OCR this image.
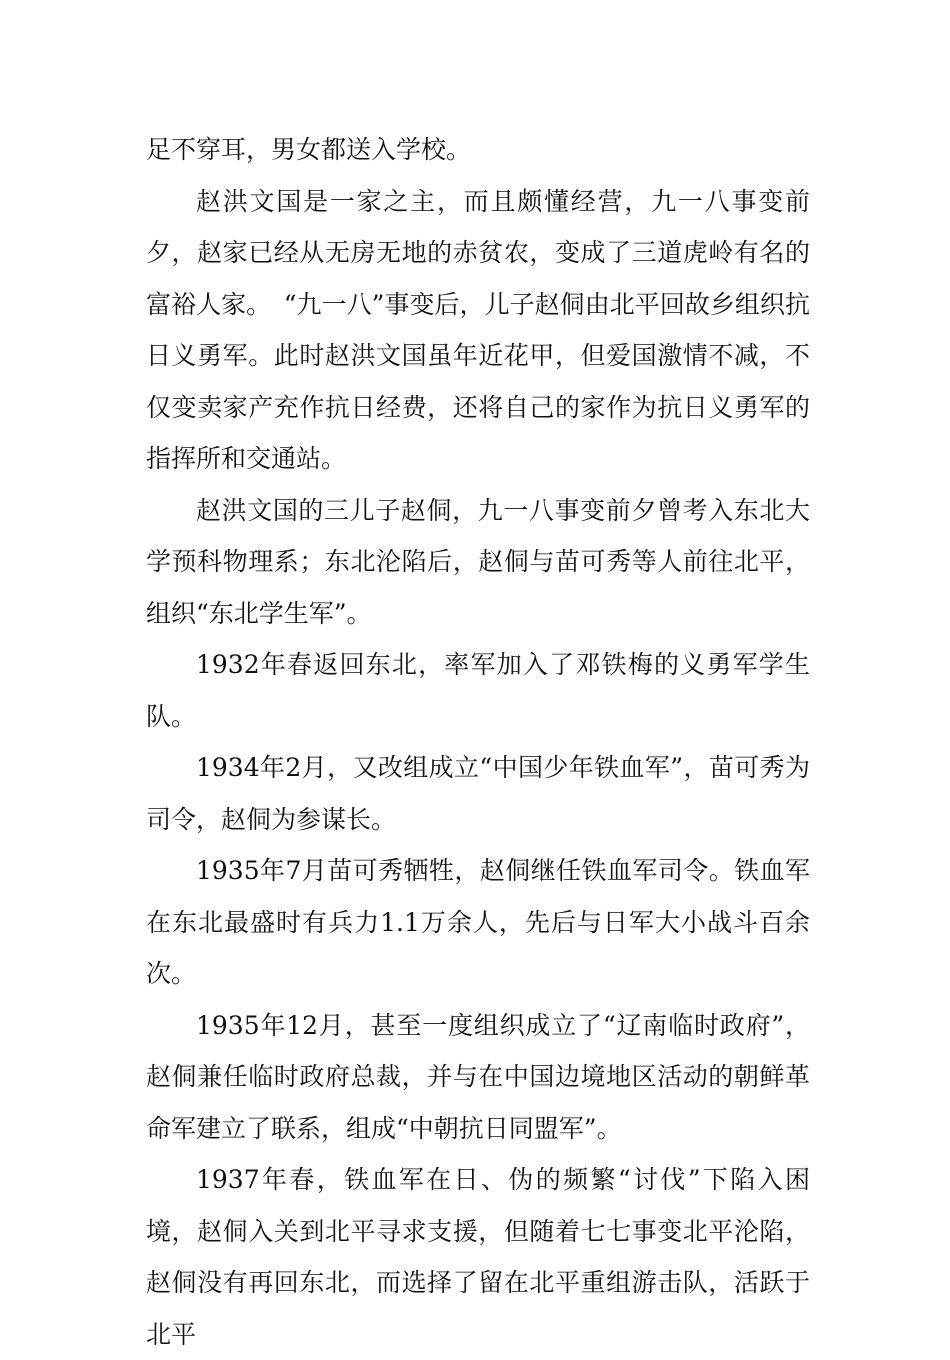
足不穿耳，男女都送入学校。

赵洪文国是一家之主，而且颇懂经营，九一八事变前夕，赵家已经从无房无地的赤贫农，变成了三道虎岭有名的富裕人家。　“九一八”事变后，儿子赵侗由北平回故乡组织抗日义勇军。此时赵洪文国虽年近花甲，但爱国激情不减，不仅变卖家产充作抗日经费，还将自己的家作为抗日义勇军的指挥所和交通站。

赵洪文国的三儿子赵侗，九一八事变前夕曾考入东北大学预科物理系；东北沦陷后，赵侗与苗可秀等人前往北平，组织“东北学生军”。

1932年春返回东北，率军加入了邓铁梅的义勇军学生队。

1934年2月，又改组成立“中国少年铁血军”，苗可秀为司令，赵侗为参谋长。

1935年7月苗可秀牺牲，赵侗继任铁血军司令。铁血军在东北最盛时有兵力1.1万余人，先后与日军大小战斗百余次。

1935年12月，甚至一度组织成立了“辽南临时政府”，赵侗兼任临时政府总裁，并与在中国边境地区活动的朝鲜革命军建立了联系，组成“中朝抗日同盟军”。

1937年春，铁血军在日、伪的频繁“讨伐”下陷入困境，赵侗入关到北平寻求支援，但随着七七事变北平沦陷，赵侗没有再回东北，而选择了留在北平重组游击队，活跃于北平
